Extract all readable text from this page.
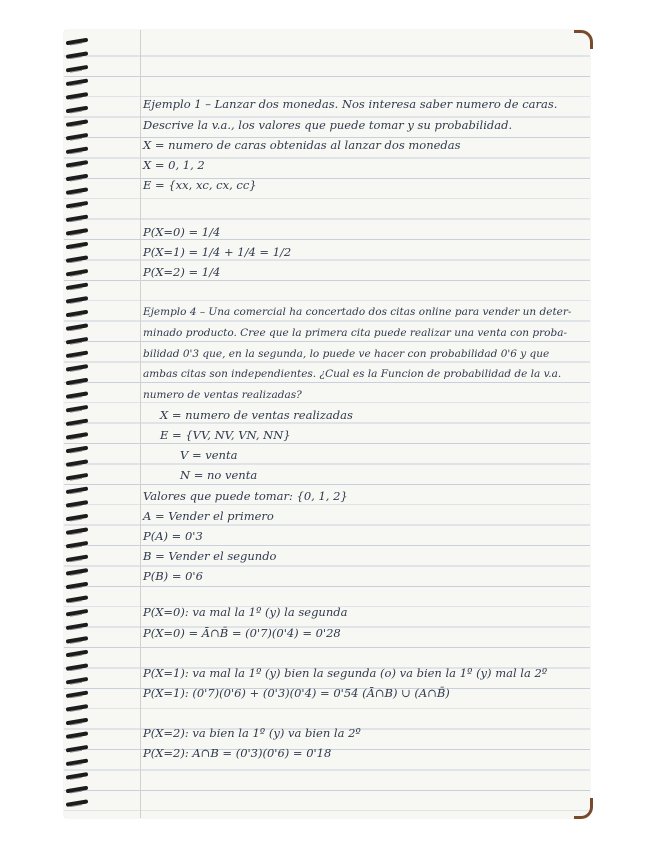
Ejemplo 1 – Lanzar dos monedas. Nos interesa saber numero de caras.
Descrive la v.a., los valores que puede tomar y su probabilidad.
X = numero de caras obtenidas al lanzar dos monedas
X = 0, 1, 2
E = {xx, xc, cx, cc}
P(X=0) = 1/4
P(X=1) = 1/4 + 1/4 = 1/2
P(X=2) = 1/4
Ejemplo 4 – Una comercial ha concertado dos citas online para vender un deter-
minado producto. Cree que la primera cita puede realizar una venta con proba-
bilidad 0'3 que, en la segunda, lo puede ve hacer con probabilidad 0'6 y que
ambas citas son independientes. ¿Cual es la Funcion de probabilidad de la v.a.
numero de ventas realizadas?
X = numero de ventas realizadas
E = {VV, NV, VN, NN}
V = venta
N = no venta
Valores que puede tomar: {0, 1, 2}
A = Vender el primero
P(A) = 0'3
B = Vender el segundo
P(B) = 0'6
P(X=0): va mal la 1º (y) la segunda
P(X=0) = Ā∩B̄ = (0'7)(0'4) = 0'28
P(X=1): va mal la 1º (y) bien la segunda (o) va bien la 1º (y) mal la 2º
P(X=1): (0'7)(0'6) + (0'3)(0'4) = 0'54 (Ā∩B) ∪ (A∩B̄)
P(X=2): va bien la 1º (y) va bien la 2º
P(X=2): A∩B = (0'3)(0'6) = 0'18
